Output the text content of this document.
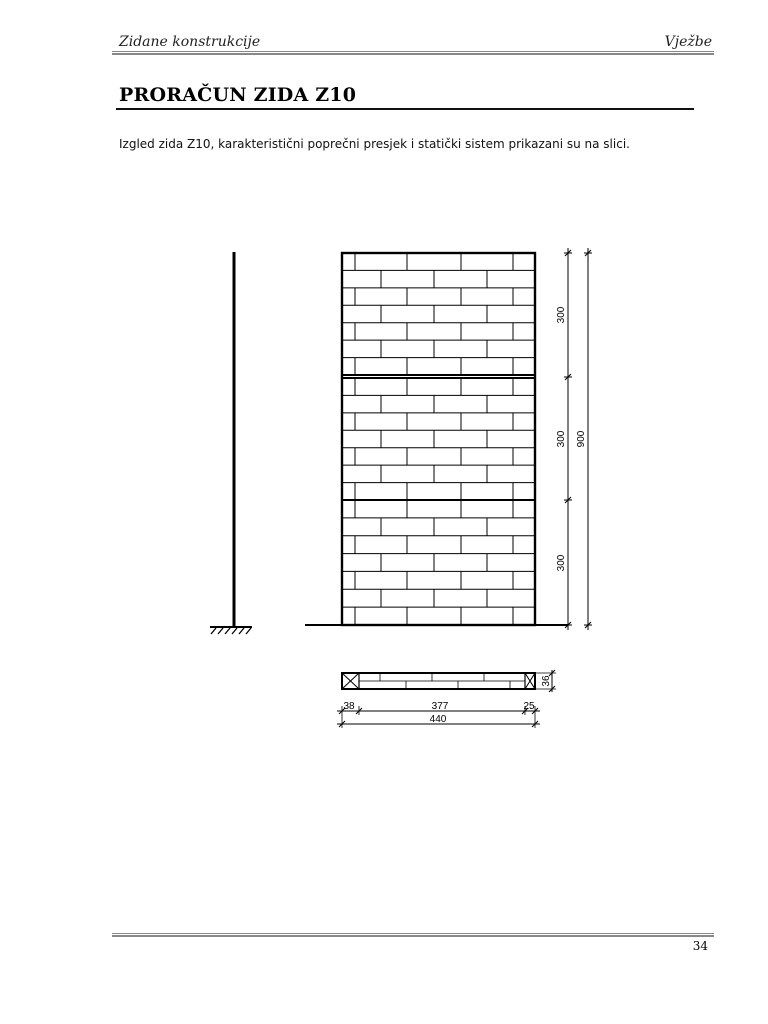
Zidane konstrukcije	Vježbe
PRORAČUN ZIDA Z10
Izgled zida Z10, karakteristični poprečni presjek i statički sistem prikazani su na slici.
300
300
300
900
36
38	377	25
440
34
